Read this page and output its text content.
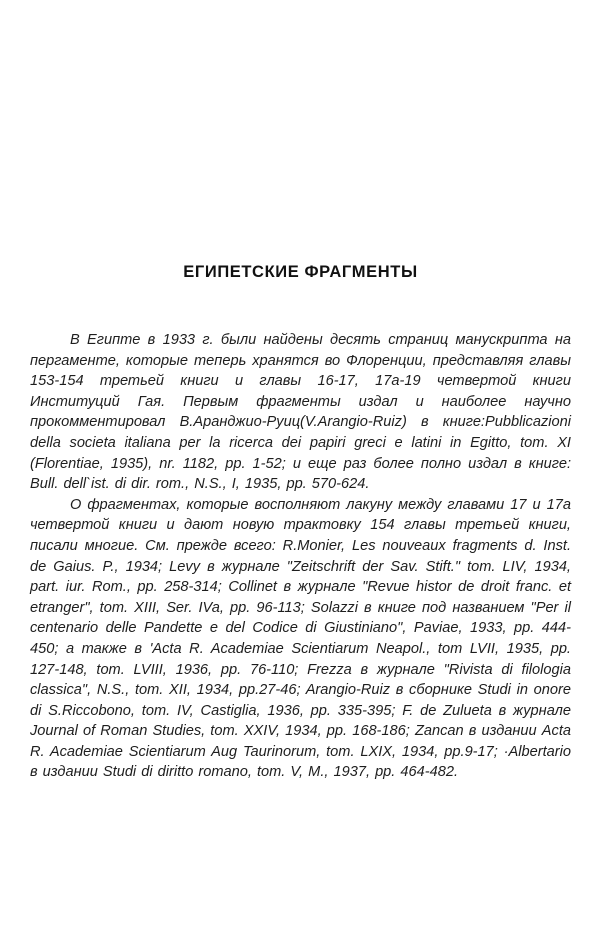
ЕГИПЕТСКИЕ ФРАГМЕНТЫ

В Египте в 1933 г. были найдены десять страниц манускрипта на пергаменте, которые теперь хранятся во Флоренции, представляя главы 153-154 третьей книги и главы 16-17, 17а-19 четвертой книги Институций Гая. Первым фрагменты издал и наиболее научно прокомментировал В.Аранджио-Руиц(V.Arangio-Ruiz) в книге:Pubblicazioni della societa italiana per la ricerca dei papiri greci e latini in Egitto, tom. XI (Florentiae, 1935), nr. 1182, pp. 1-52; и еще раз более полно издал в книге: Bull. dell`ist. di dir. rom., N.S., I, 1935, pp. 570-624.

О фрагментах, которые восполняют лакуну между главами 17 и 17а четвертой книги и дают новую трактовку 154 главы третьей книги, писали многие. См. прежде всего: R.Monier, Les nouveaux fragments d. Inst. de Gaius. P., 1934; Levy в журнале "Zeitschrift der Sav. Stift." tom. LIV, 1934, part. iur. Rom., pp. 258-314; Collinet в журнале "Revue histor de droit franc. et etranger", tom. XIII, Ser. IVa, pp. 96-113; Solazzi в книге под названием "Per il centenario delle Pandette e del Codice di Giustiniano", Paviae, 1933, pp. 444-450; а также в 'Acta R. Academiae Scientiarum Neapol., tom LVII, 1935, pp. 127-148, tom. LVIII, 1936, pp. 76-110; Frezza в журнале "Rivista di filologia classica", N.S., tom. XII, 1934, pp.27-46; Arangio-Ruiz в сборнике Studi in onore di S.Riccobono, tom. IV, Castiglia, 1936, pp. 335-395; F. de Zulueta в журнале Journal of Roman Studies, tom. XXIV, 1934, pp. 168-186; Zancan в издании Acta R. Academiae Scientiarum Aug Taurinorum, tom. LXIX, 1934, pp.9-17; ·Albertario в издании Studi di diritto romano, tom. V, M., 1937, pp. 464-482.
